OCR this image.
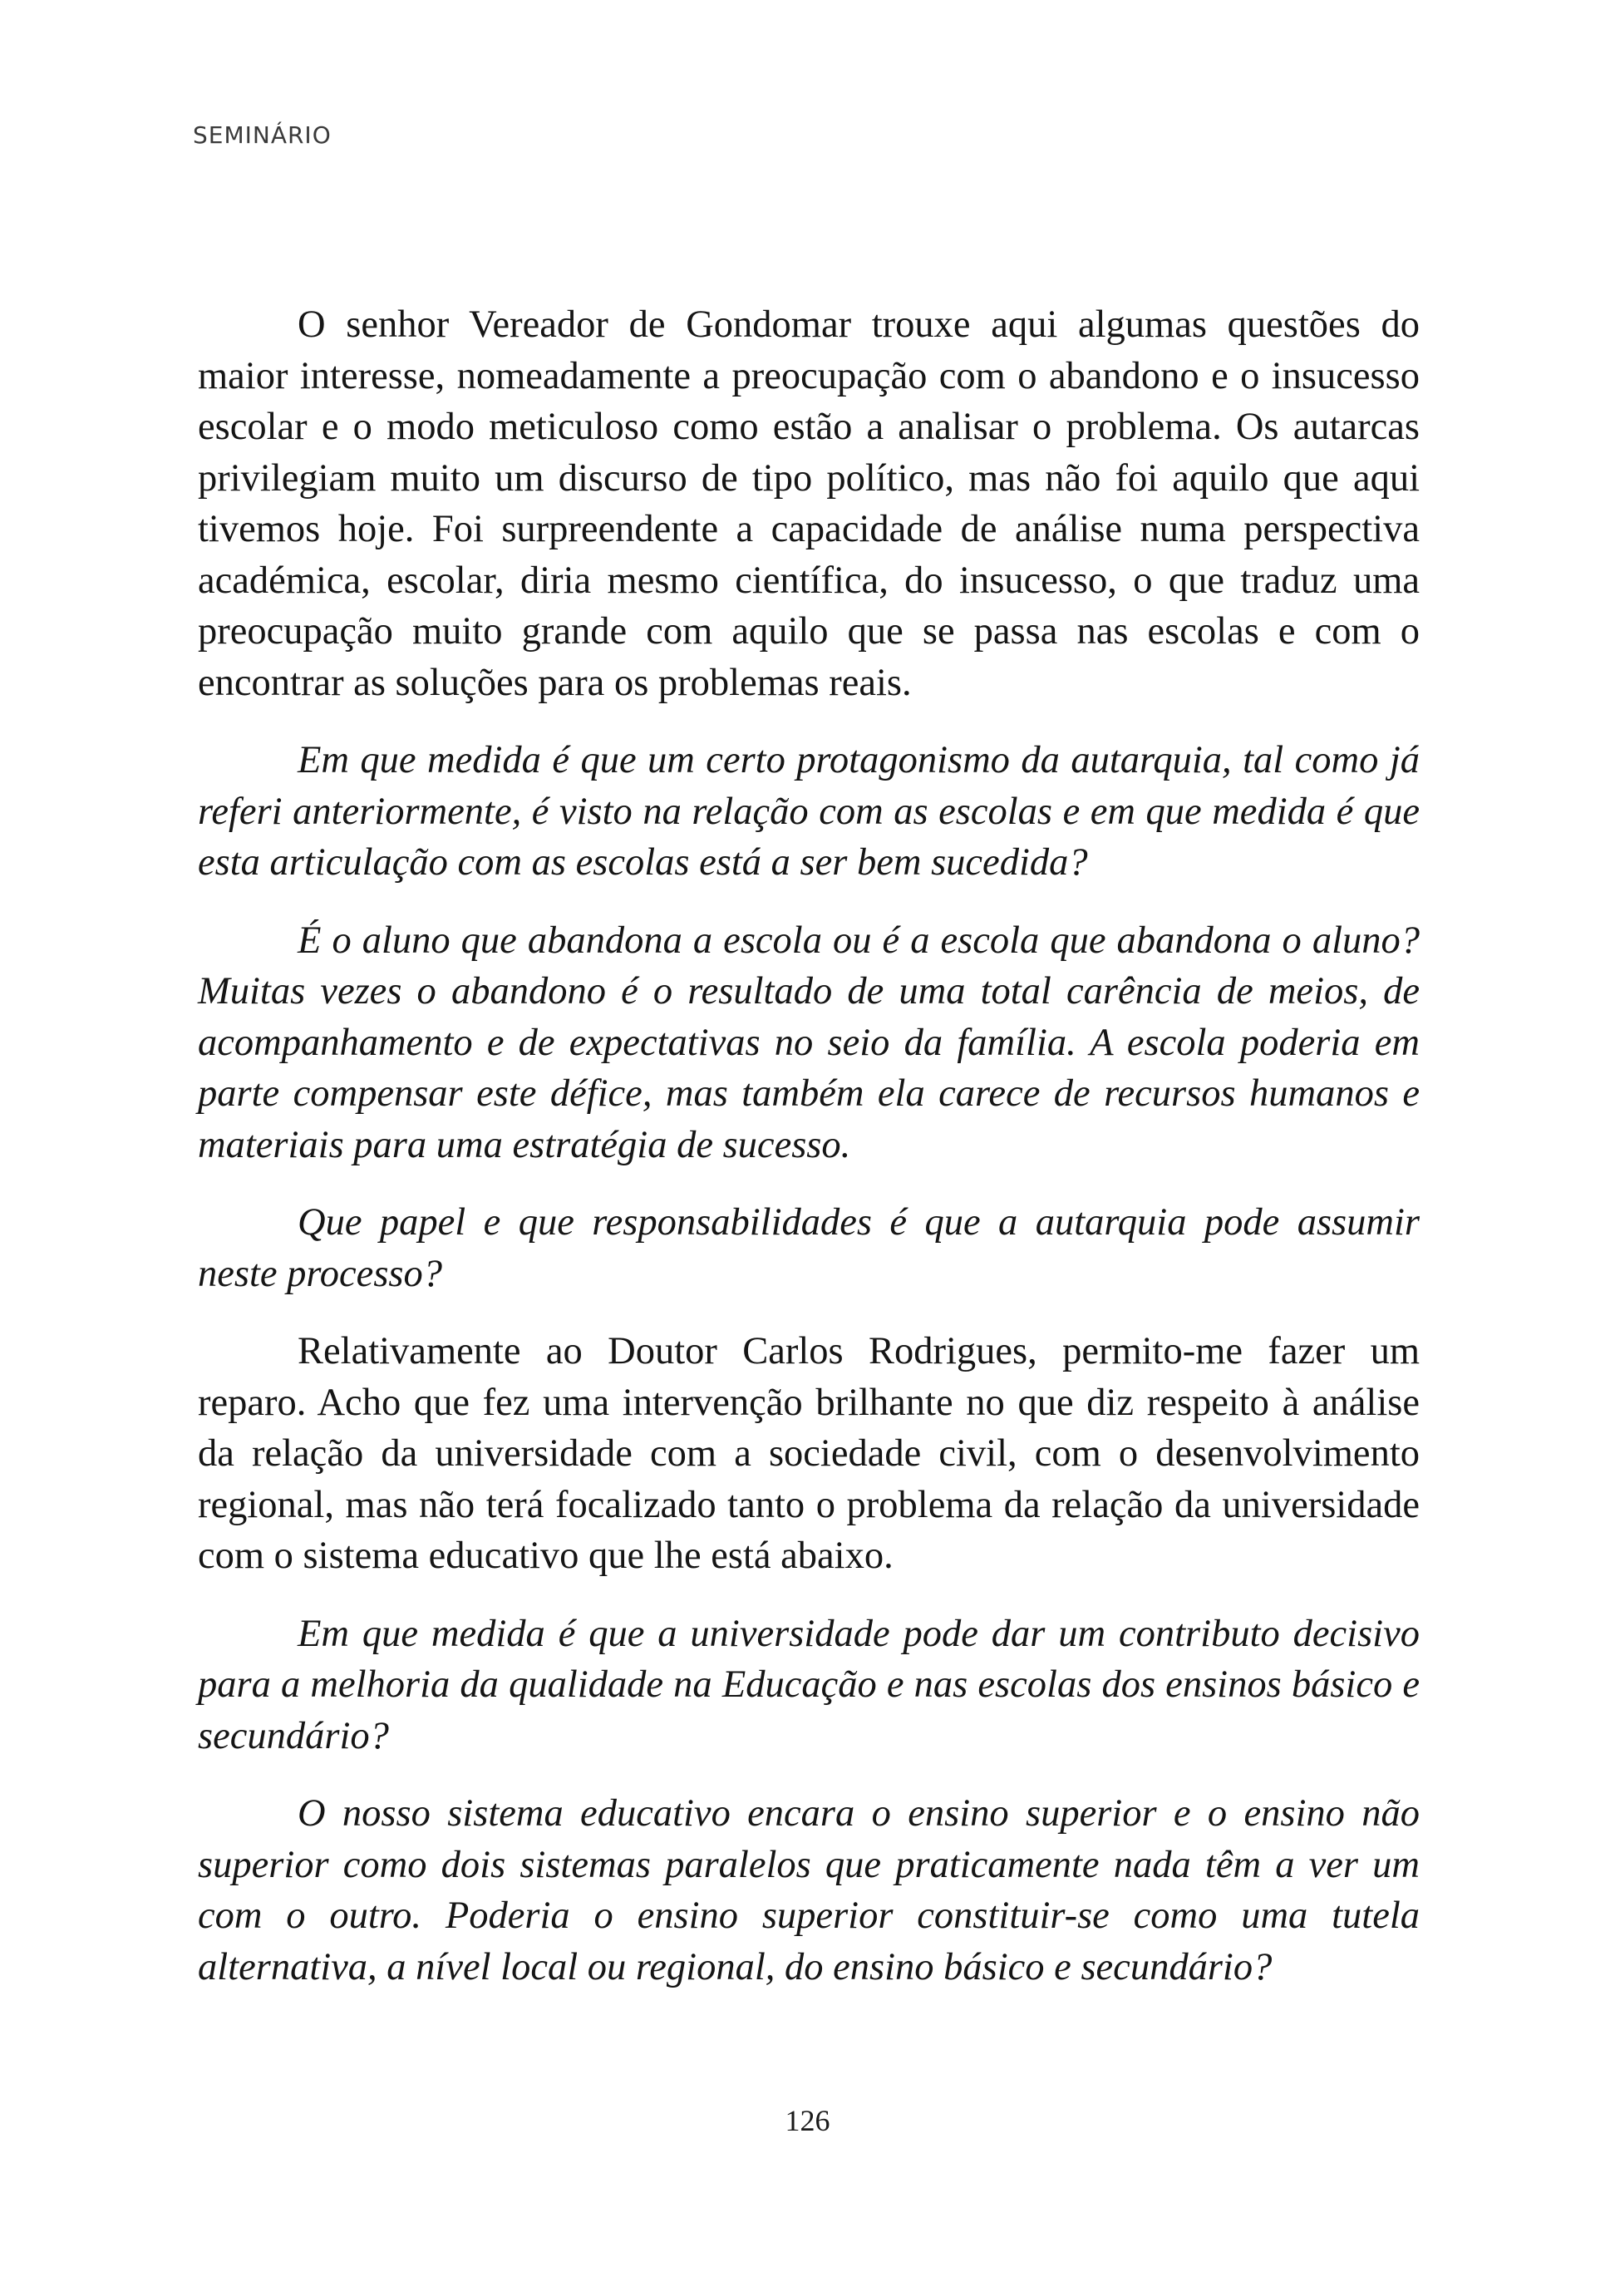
SEMINÁRIO

O senhor Vereador de Gondomar trouxe aqui algumas questões do maior interesse, nomeadamente a preocupação com o abandono e o insucesso escolar e o modo meticuloso como estão a analisar o problema. Os autarcas privilegiam muito um discurso de tipo político, mas não foi aquilo que aqui tivemos hoje. Foi surpreendente a capacidade de análise numa perspectiva académica, escolar, diria mesmo científica, do insucesso, o que traduz uma preocupação muito grande com aquilo que se passa nas escolas e com o encontrar as soluções para os problemas reais.

Em que medida é que um certo protagonismo da autarquia, tal como já referi anteriormente, é visto na relação com as escolas e em que medida é que esta articulação com as escolas está a ser bem sucedida?

É o aluno que abandona a escola ou é a escola que abandona o aluno? Muitas vezes o abandono é o resultado de uma total carência de meios, de acompanhamento e de expectativas no seio da família. A escola poderia em parte compensar este défice, mas também ela carece de recursos humanos e materiais para uma estratégia de sucesso.

Que papel e que responsabilidades é que a autarquia pode assumir neste processo?

Relativamente ao Doutor Carlos Rodrigues, permito-me fazer um reparo. Acho que fez uma intervenção brilhante no que diz respeito à análise da relação da universidade com a sociedade civil, com o desenvolvimento regional, mas não terá focalizado tanto o problema da relação da universidade com o sistema educativo que lhe está abaixo.

Em que medida é que a universidade pode dar um contributo decisivo para a melhoria da qualidade na Educação e nas escolas dos ensinos básico e secundário?

O nosso sistema educativo encara o ensino superior e o ensino não superior como dois sistemas paralelos que praticamente nada têm a ver um com o outro. Poderia o ensino superior constituir-se como uma tutela alternativa, a nível local ou regional, do ensino básico e secundário?

126
